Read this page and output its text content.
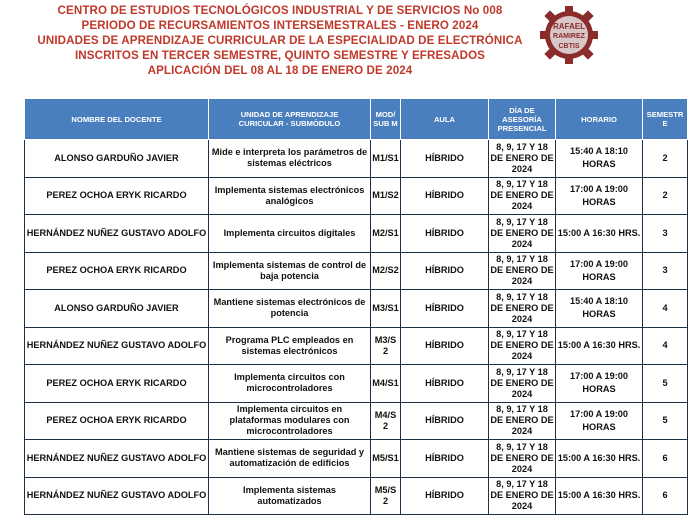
CENTRO DE ESTUDIOS TECNOLÓGICOS INDUSTRIAL Y DE SERVICIOS No 008
PERIODO DE RECURSAMIENTOS INTERSEMESTRALES - ENERO 2024
UNIDADES DE APRENDIZAJE CURRICULAR DE LA ESPECIALIDAD DE ELECTRÓNICA
INSCRITOS EN TERCER SEMESTRE, QUINTO SEMESTRE Y EFRESADOS
APLICACIÓN DEL 08 AL 18 DE ENERO DE 2024
RAFAEL
RAMIREZ
CBTIS
NOMBRE DEL DOCENTE	UNIDAD DE APRENDIZAJE CURICULAR - SUBMÓDULO	MOD/ SUB M	AULA	DÍA DE ASESORÍA PRESENCIAL	HORARIO	SEMESTR E
ALONSO GARDUÑO JAVIER	Mide e interpreta los parámetros de sistemas eléctricos	M1/S1	HÍBRIDO	8, 9, 17 Y 18 DE ENERO DE 2024	15:40 A 18:10 HORAS	2
PEREZ OCHOA ERYK RICARDO	Implementa sistemas electrónicos analógicos	M1/S2	HÍBRIDO	8, 9, 17 Y 18 DE ENERO DE 2024	17:00 A 19:00 HORAS	2
HERNÁNDEZ NUÑEZ GUSTAVO ADOLFO	Implementa circuitos digitales	M2/S1	HÍBRIDO	8, 9, 17 Y 18 DE ENERO DE 2024	15:00 A 16:30 HRS.	3
PEREZ OCHOA ERYK RICARDO	Implementa sistemas de control de baja potencia	M2/S2	HÍBRIDO	8, 9, 17 Y 18 DE ENERO DE 2024	17:00 A 19:00 HORAS	3
ALONSO GARDUÑO JAVIER	Mantiene sistemas electrónicos de potencia	M3/S1	HÍBRIDO	8, 9, 17 Y 18 DE ENERO DE 2024	15:40 A 18:10 HORAS	4
HERNÁNDEZ NUÑEZ GUSTAVO ADOLFO	Programa PLC empleados en sistemas electrónicos	M3/S 2	HÍBRIDO	8, 9, 17 Y 18 DE ENERO DE 2024	15:00 A 16:30 HRS.	4
PEREZ OCHOA ERYK RICARDO	Implementa circuitos con microcontroladores	M4/S1	HÍBRIDO	8, 9, 17 Y 18 DE ENERO DE 2024	17:00 A 19:00 HORAS	5
PEREZ OCHOA ERYK RICARDO	Implementa circuitos en plataformas modulares con microcontroladores	M4/S 2	HÍBRIDO	8, 9, 17 Y 18 DE ENERO DE 2024	17:00 A 19:00 HORAS	5
HERNÁNDEZ NUÑEZ GUSTAVO ADOLFO	Mantiene sistemas de seguridad y automatización de edificios	M5/S1	HÍBRIDO	8, 9, 17 Y 18 DE ENERO DE 2024	15:00 A 16:30 HRS.	6
HERNÁNDEZ NUÑEZ GUSTAVO ADOLFO	Implementa sistemas automatizados	M5/S 2	HÍBRIDO	8, 9, 17 Y 18 DE ENERO DE 2024	15:00 A 16:30 HRS.	6
